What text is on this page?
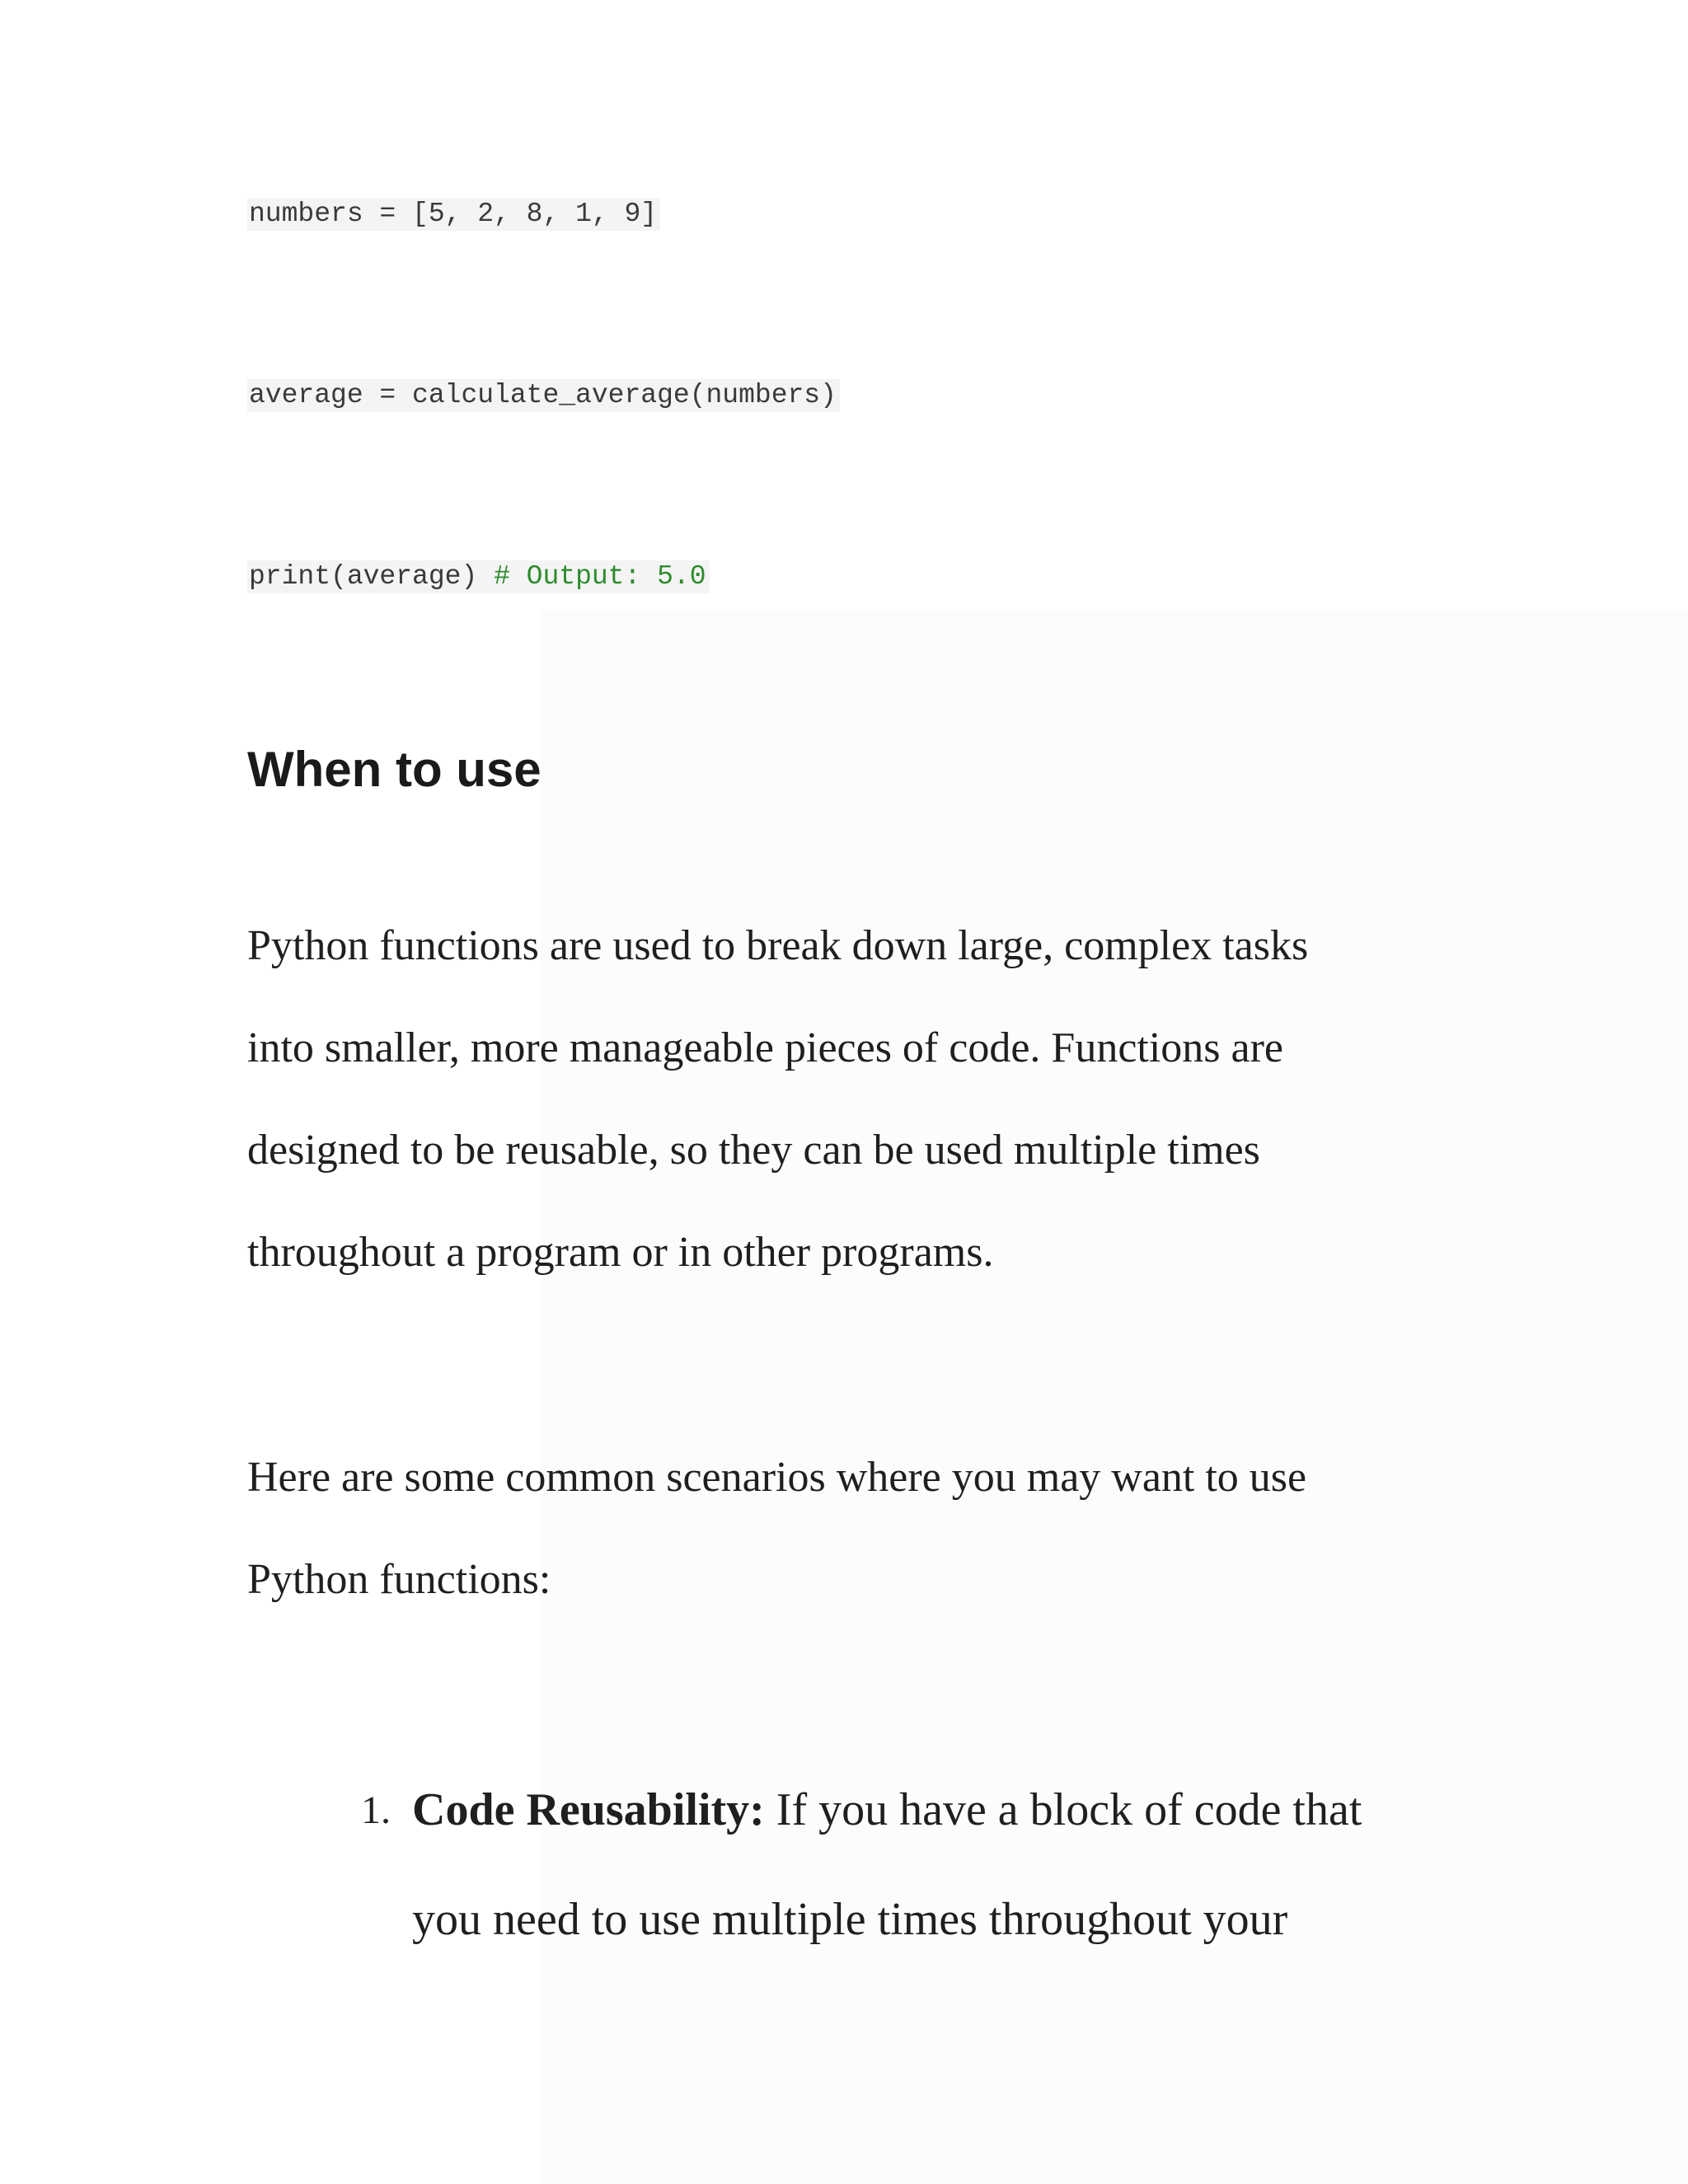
numbers = [5, 2, 8, 1, 9]
average = calculate_average(numbers)
print(average) # Output: 5.0
When to use

Python functions are used to break down large, complex tasks
into smaller, more manageable pieces of code. Functions are
designed to be reusable, so they can be used multiple times
throughout a program or in other programs.

Here are some common scenarios where you may want to use
Python functions:

1. Code Reusability: If you have a block of code that
you need to use multiple times throughout your
